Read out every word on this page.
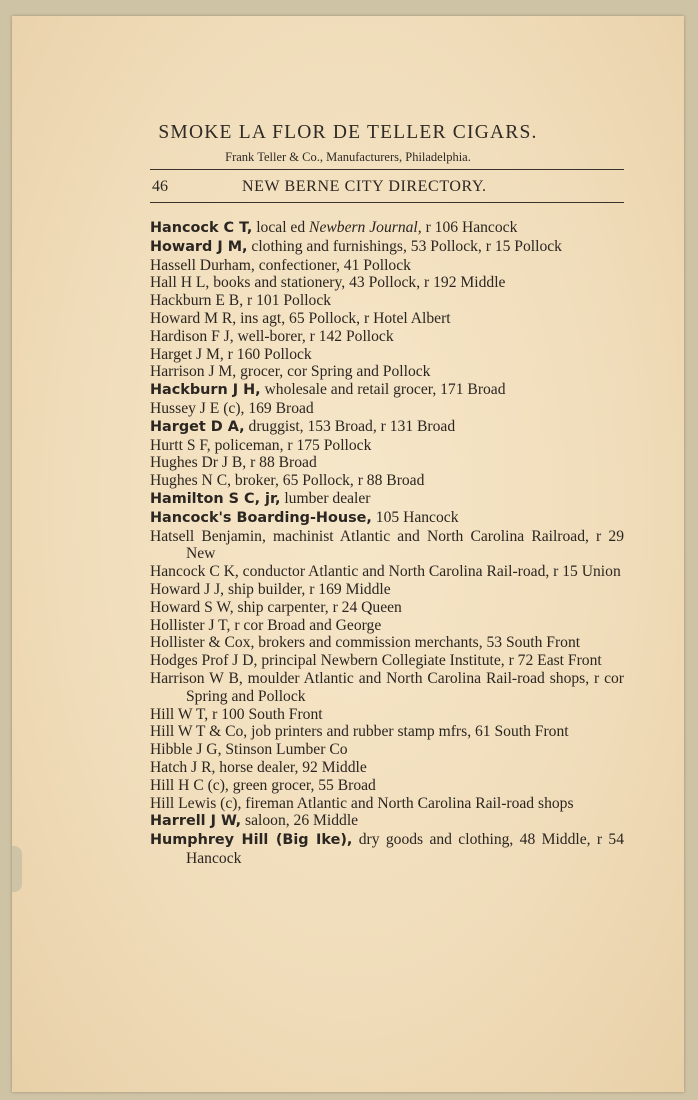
SMOKE LA FLOR DE TELLER CIGARS.
Frank Teller & Co., Manufacturers, Philadelphia.
46	NEW BERNE CITY DIRECTORY.

Hancock C T, local ed Newbern Journal, r 106 Hancock

Howard J M, clothing and furnishings, 53 Pollock, r 15 Pollock

Hassell Durham, confectioner, 41 Pollock

Hall H L, books and stationery, 43 Pollock, r 192 Middle

Hackburn E B, r 101 Pollock

Howard M R, ins agt, 65 Pollock, r Hotel Albert

Hardison F J, well-borer, r 142 Pollock

Harget J M, r 160 Pollock

Harrison J M, grocer, cor Spring and Pollock

Hackburn J H, wholesale and retail grocer, 171 Broad

Hussey J E (c), 169 Broad

Harget D A, druggist, 153 Broad, r 131 Broad

Hurtt S F, policeman, r 175 Pollock

Hughes Dr J B, r 88 Broad

Hughes N C, broker, 65 Pollock, r 88 Broad

Hamilton S C, jr, lumber dealer

Hancock's Boarding-House, 105 Hancock

Hatsell Benjamin, machinist Atlantic and North Carolina Railroad, r 29 New

Hancock C K, conductor Atlantic and North Carolina Rail-road, r 15 Union

Howard J J, ship builder, r 169 Middle

Howard S W, ship carpenter, r 24 Queen

Hollister J T, r cor Broad and George

Hollister & Cox, brokers and commission merchants, 53 South Front

Hodges Prof J D, principal Newbern Collegiate Institute, r 72 East Front

Harrison W B, moulder Atlantic and North Carolina Rail-road shops, r cor Spring and Pollock

Hill W T, r 100 South Front

Hill W T & Co, job printers and rubber stamp mfrs, 61 South Front

Hibble J G, Stinson Lumber Co

Hatch J R, horse dealer, 92 Middle

Hill H C (c), green grocer, 55 Broad

Hill Lewis (c), fireman Atlantic and North Carolina Rail-road shops

Harrell J W, saloon, 26 Middle

Humphrey Hill (Big Ike), dry goods and clothing, 48 Middle, r 54 Hancock
